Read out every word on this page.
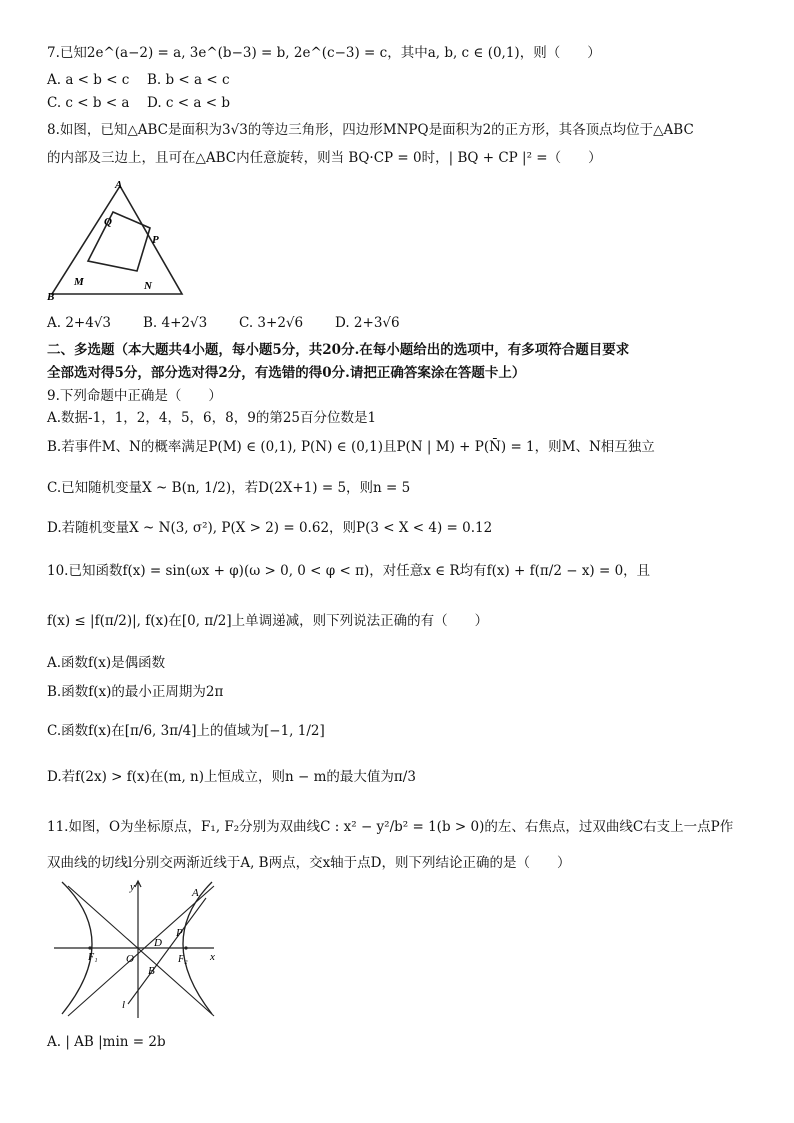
7.已知2e^(a−2) = a, 3e^(b−3) = b, 2e^(c−3) = c，其中a, b, c ∈ (0,1)，则（　　）
A. a < b < c B. b < a < c
C. c < b < a D. c < a < b
8.如图，已知△ABC是面积为3√3的等边三角形，四边形MNPQ是面积为2的正方形，其各顶点均位于△ABC
的内部及三边上，且可在△ABC内任意旋转，则当 BQ·CP = 0时，| BQ + CP |² =（　　）
A
B
Q
P
M	N
A. 2+4√3 B. 4+2√3 C. 3+2√6 D. 2+3√6
二、多选题（本大题共4小题，每小题5分，共20分.在每小题给出的选项中，有多项符合题目要求
全部选对得5分，部分选对得2分，有选错的得0分.请把正确答案涂在答题卡上）
9.下列命题中正确是（　　）
A.数据-1，1，2，4，5，6，8，9的第25百分位数是1
B.若事件M、N的概率满足P(M) ∈ (0,1), P(N) ∈ (0,1)且P(N | M) + P(N̄) = 1，则M、N相互独立
C.已知随机变量X ~ B(n, 1/2)，若D(2X+1) = 5，则n = 5
D.若随机变量X ~ N(3, σ²), P(X > 2) = 0.62，则P(3 < X < 4) = 0.12
10.已知函数f(x) = sin(ωx + φ)(ω > 0, 0 < φ < π)，对任意x ∈ R均有f(x) + f(π/2 − x) = 0，且
f(x) ≤ |f(π/2)|, f(x)在[0, π/2]上单调递减，则下列说法正确的有（　　）
A.函数f(x)是偶函数
B.函数f(x)的最小正周期为2π
C.函数f(x)在[π/6, 3π/4]上的值域为[−1, 1/2]
D.若f(2x) > f(x)在(m, n)上恒成立，则n − m的最大值为π/3
11.如图，O为坐标原点，F₁, F₂分别为双曲线C : x² − y²/b² = 1(b > 0)的左、右焦点，过双曲线C右支上一点P作
双曲线的切线l分别交两渐近线于A, B两点，交x轴于点D，则下列结论正确的是（　　）
y
x
A
P
D
F₁	O
B
F₂
l
A. | AB |min = 2b
